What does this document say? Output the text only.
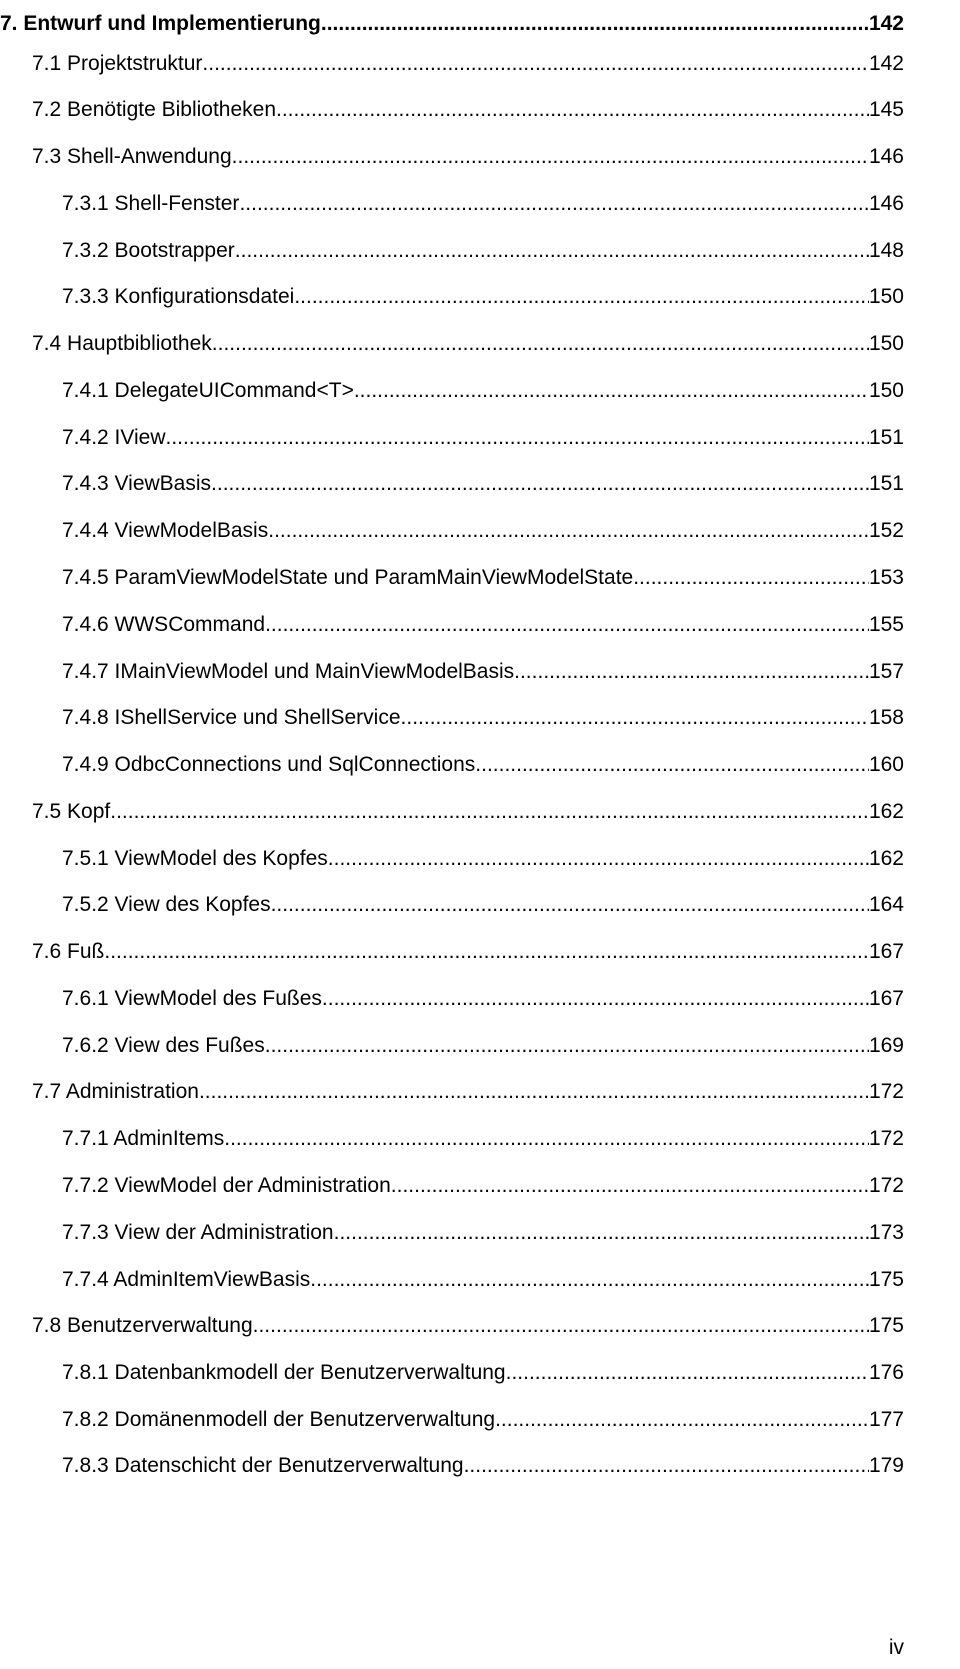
7. Entwurf und Implementierung .....	142
7.1 Projektstruktur .....	142
7.2 Benötigte Bibliotheken .....	145
7.3 Shell-Anwendung .....	146
7.3.1 Shell-Fenster .....	146
7.3.2 Bootstrapper .....	148
7.3.3 Konfigurationsdatei .....	150
7.4 Hauptbibliothek .....	150
7.4.1 DelegateUICommand<T> .....	150
7.4.2 IView .....	151
7.4.3 ViewBasis .....	151
7.4.4 ViewModelBasis .....	152
7.4.5 ParamViewModelState und ParamMainViewModelState .....	153
7.4.6 WWSCommand .....	155
7.4.7 IMainViewModel und MainViewModelBasis .....	157
7.4.8 IShellService und ShellService .....	158
7.4.9 OdbcConnections und SqlConnections .....	160
7.5 Kopf .....	162
7.5.1 ViewModel des Kopfes .....	162
7.5.2 View des Kopfes .....	164
7.6 Fuß .....	167
7.6.1 ViewModel des Fußes .....	167
7.6.2 View des Fußes .....	169
7.7 Administration .....	172
7.7.1 AdminItems .....	172
7.7.2 ViewModel der Administration .....	172
7.7.3 View der Administration .....	173
7.7.4 AdminItemViewBasis .....	175
7.8 Benutzerverwaltung .....	175
7.8.1 Datenbankmodell der Benutzerverwaltung .....	176
7.8.2 Domänenmodell der Benutzerverwaltung .....	177
7.8.3 Datenschicht der Benutzerverwaltung .....	179
iv
